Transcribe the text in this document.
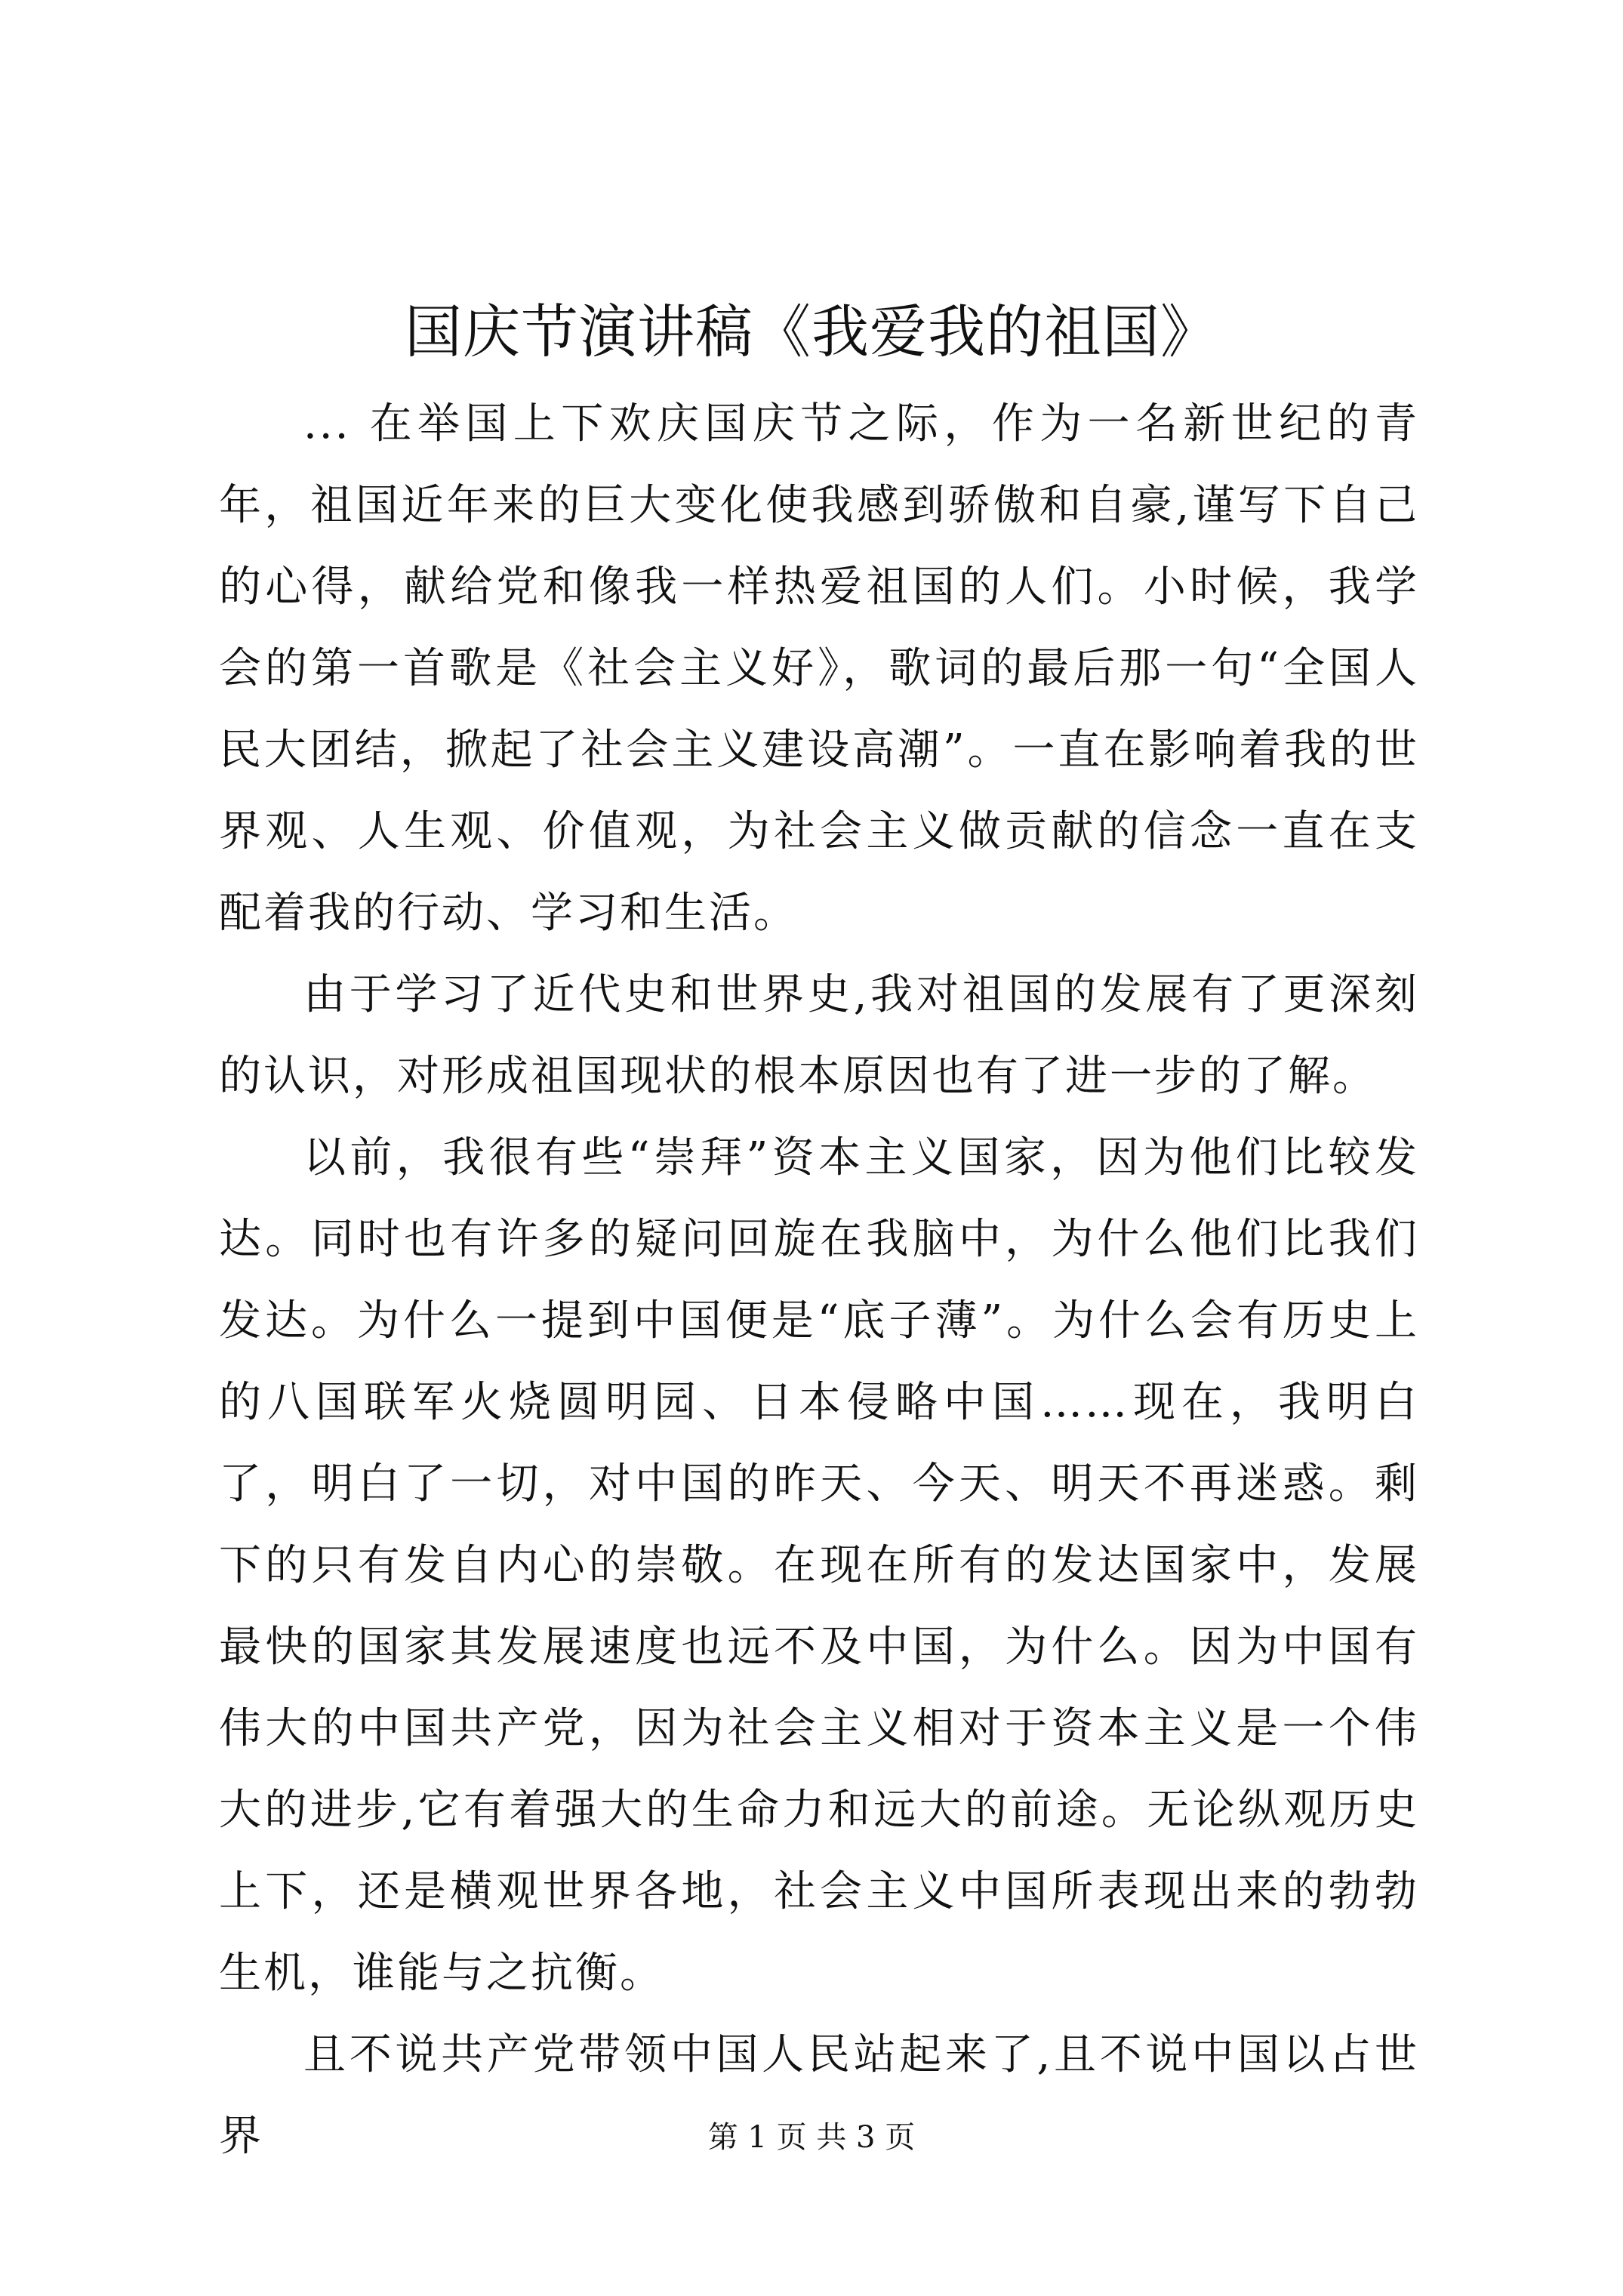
国庆节演讲稿《我爱我的祖国》

... 在举国上下欢庆国庆节之际，作为一名新世纪的青年，祖国近年来的巨大变化使我感到骄傲和自豪,谨写下自己的心得，献给党和像我一样热爱祖国的人们。小时候，我学会的第一首歌是《社会主义好》，歌词的最后那一句“全国人民大团结，掀起了社会主义建设高潮”。一直在影响着我的世界观、人生观、价值观，为社会主义做贡献的信念一直在支配着我的行动、学习和生活。

由于学习了近代史和世界史,我对祖国的发展有了更深刻的认识，对形成祖国现状的根本原因也有了进一步的了解。

以前，我很有些“崇拜”资本主义国家，因为他们比较发达。同时也有许多的疑问回旋在我脑中，为什么他们比我们发达。为什么一提到中国便是“底子薄”。为什么会有历史上的八国联军火烧圆明园、日本侵略中国……现在，我明白了，明白了一切，对中国的昨天、今天、明天不再迷惑。剩下的只有发自内心的崇敬。在现在所有的发达国家中，发展最快的国家其发展速度也远不及中国，为什么。因为中国有伟大的中国共产党，因为社会主义相对于资本主义是一个伟大的进步,它有着强大的生命力和远大的前途。无论纵观历史上下，还是横观世界各地，社会主义中国所表现出来的勃勃生机，谁能与之抗衡。

且不说共产党带领中国人民站起来了,且不说中国以占世界	第 1 页 共 3 页
